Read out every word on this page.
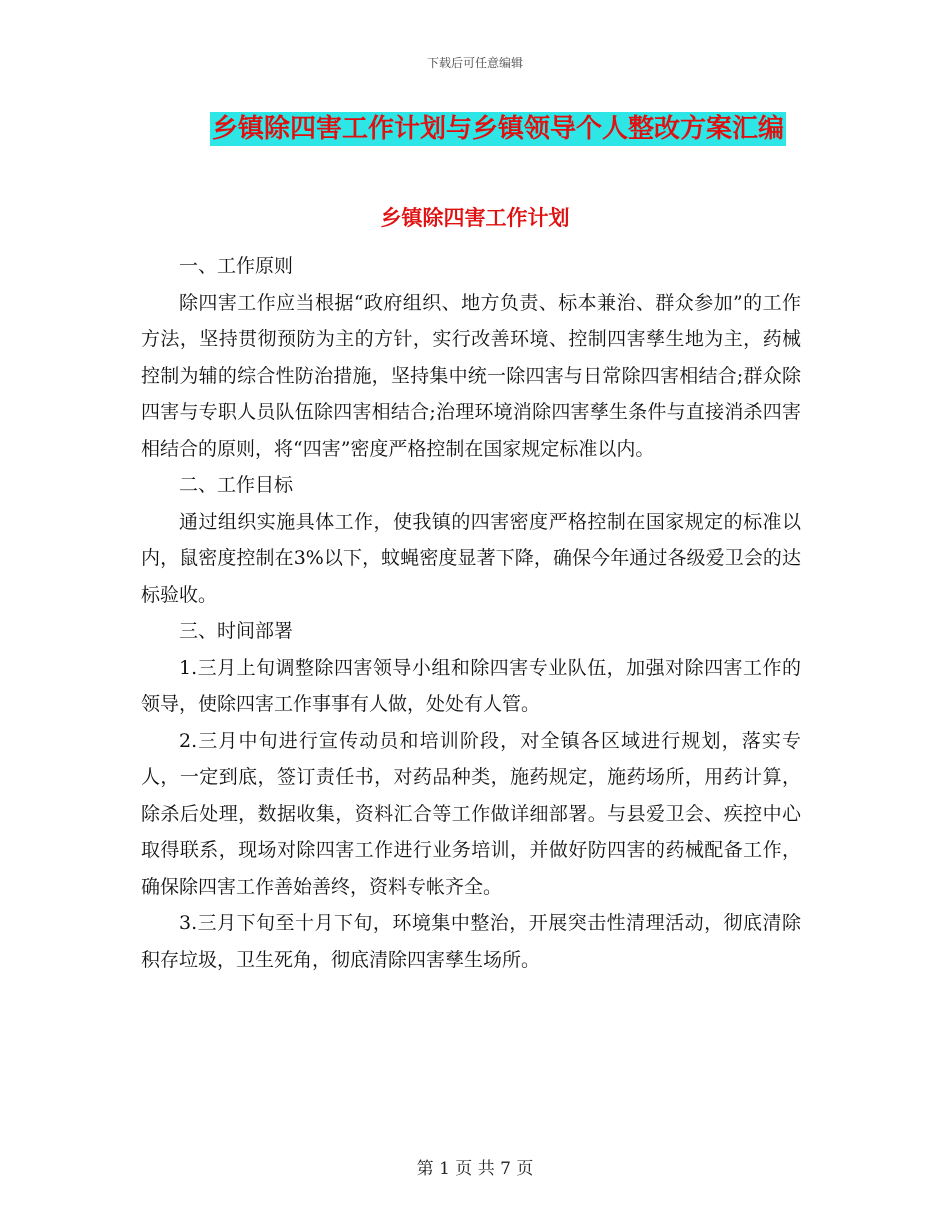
下载后可任意编辑
乡镇除四害工作计划与乡镇领导个人整改方案汇编
乡镇除四害工作计划

一、工作原则

除四害工作应当根据“政府组织、地方负责、标本兼治、群众参加”的工作方法，坚持贯彻预防为主的方针，实行改善环境、控制四害孳生地为主，药械控制为辅的综合性防治措施，坚持集中统一除四害与日常除四害相结合;群众除四害与专职人员队伍除四害相结合;治理环境消除四害孳生条件与直接消杀四害相结合的原则，将“四害”密度严格控制在国家规定标准以内。

二、工作目标

通过组织实施具体工作，使我镇的四害密度严格控制在国家规定的标准以内，鼠密度控制在3%以下，蚊蝇密度显著下降，确保今年通过各级爱卫会的达标验收。

三、时间部署

1.三月上旬调整除四害领导小组和除四害专业队伍，加强对除四害工作的领导，使除四害工作事事有人做，处处有人管。

2.三月中旬进行宣传动员和培训阶段，对全镇各区域进行规划，落实专人，一定到底，签订责任书，对药品种类，施药规定，施药场所，用药计算，除杀后处理，数据收集，资料汇合等工作做详细部署。与县爱卫会、疾控中心取得联系，现场对除四害工作进行业务培训，并做好防四害的药械配备工作，确保除四害工作善始善终，资料专帐齐全。

3.三月下旬至十月下旬，环境集中整治，开展突击性清理活动，彻底清除积存垃圾，卫生死角，彻底清除四害孳生场所。

第 1 页 共 7 页
